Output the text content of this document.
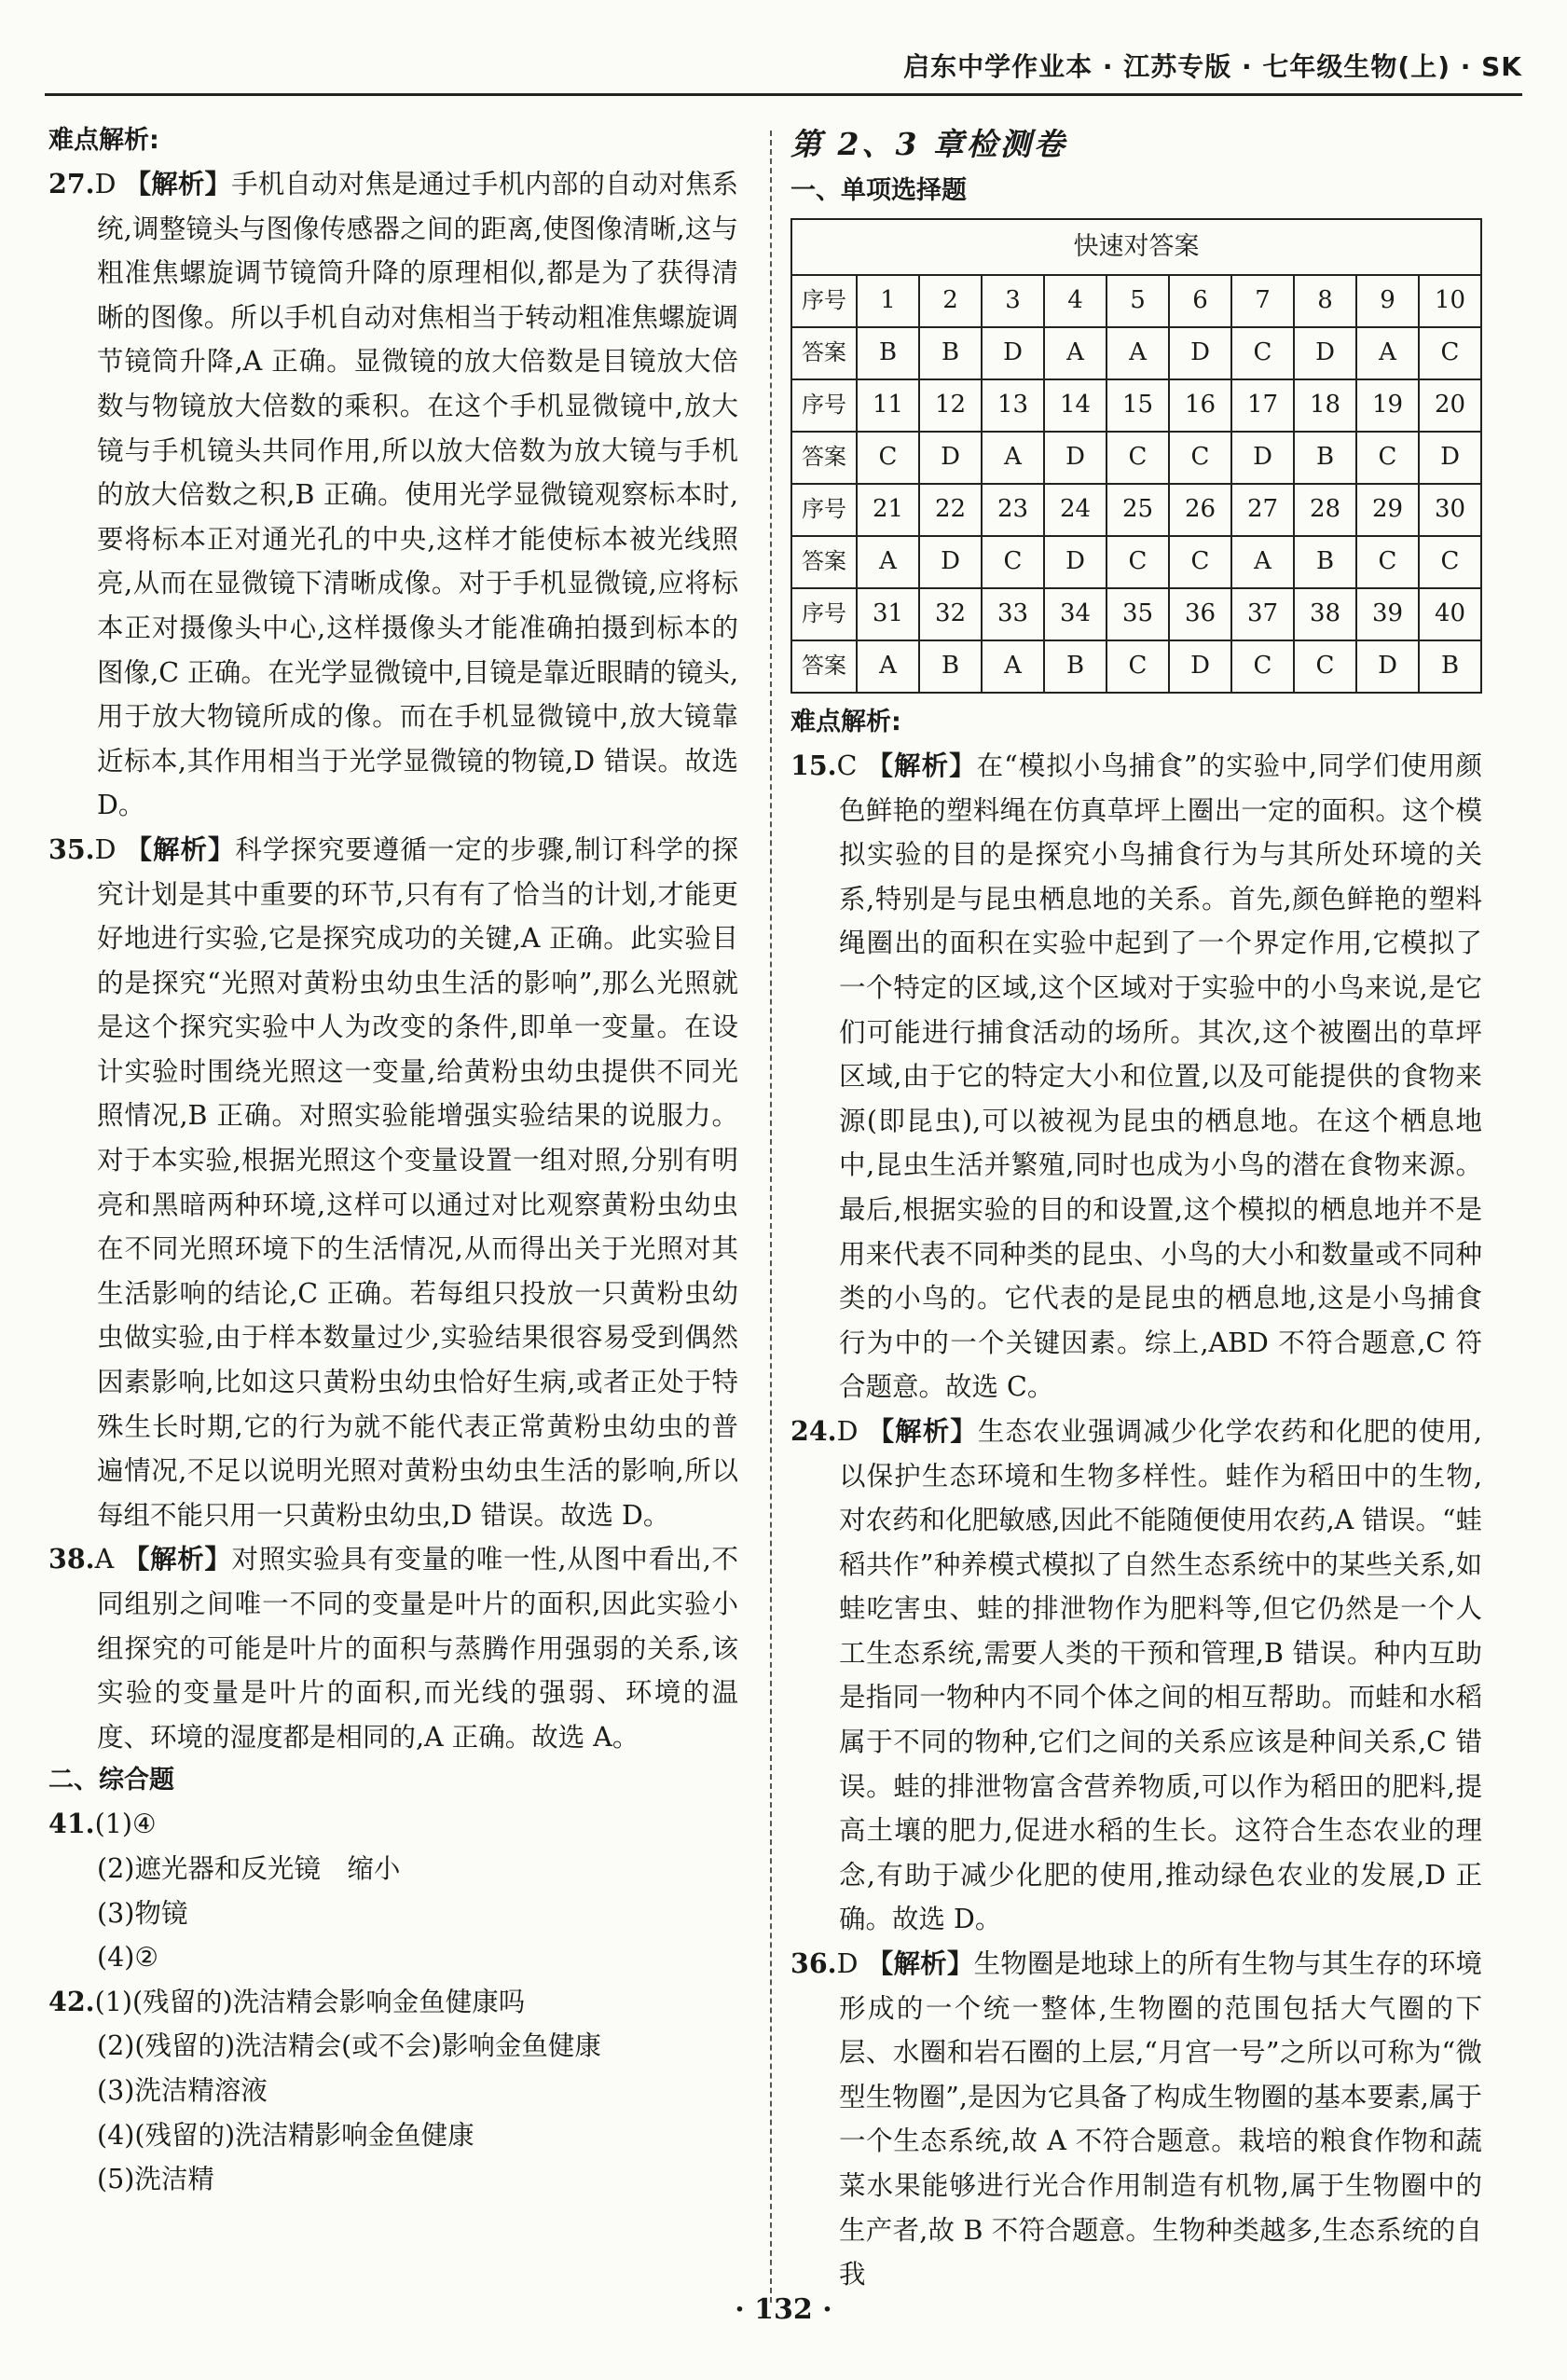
启东中学作业本 · 江苏专版 · 七年级生物(上) · SK
难点解析:
27.D 【解析】手机自动对焦是通过手机内部的自动对焦系统,调整镜头与图像传感器之间的距离,使图像清晰,这与粗准焦螺旋调节镜筒升降的原理相似,都是为了获得清晰的图像。所以手机自动对焦相当于转动粗准焦螺旋调节镜筒升降,A 正确。显微镜的放大倍数是目镜放大倍数与物镜放大倍数的乘积。在这个手机显微镜中,放大镜与手机镜头共同作用,所以放大倍数为放大镜与手机的放大倍数之积,B 正确。使用光学显微镜观察标本时,要将标本正对通光孔的中央,这样才能使标本被光线照亮,从而在显微镜下清晰成像。对于手机显微镜,应将标本正对摄像头中心,这样摄像头才能准确拍摄到标本的图像,C 正确。在光学显微镜中,目镜是靠近眼睛的镜头,用于放大物镜所成的像。而在手机显微镜中,放大镜靠近标本,其作用相当于光学显微镜的物镜,D 错误。故选 D。
35.D 【解析】科学探究要遵循一定的步骤,制订科学的探究计划是其中重要的环节,只有有了恰当的计划,才能更好地进行实验,它是探究成功的关键,A 正确。此实验目的是探究“光照对黄粉虫幼虫生活的影响”,那么光照就是这个探究实验中人为改变的条件,即单一变量。在设计实验时围绕光照这一变量,给黄粉虫幼虫提供不同光照情况,B 正确。对照实验能增强实验结果的说服力。对于本实验,根据光照这个变量设置一组对照,分别有明亮和黑暗两种环境,这样可以通过对比观察黄粉虫幼虫在不同光照环境下的生活情况,从而得出关于光照对其生活影响的结论,C 正确。若每组只投放一只黄粉虫幼虫做实验,由于样本数量过少,实验结果很容易受到偶然因素影响,比如这只黄粉虫幼虫恰好生病,或者正处于特殊生长时期,它的行为就不能代表正常黄粉虫幼虫的普遍情况,不足以说明光照对黄粉虫幼虫生活的影响,所以每组不能只用一只黄粉虫幼虫,D 错误。故选 D。
38.A 【解析】对照实验具有变量的唯一性,从图中看出,不同组别之间唯一不同的变量是叶片的面积,因此实验小组探究的可能是叶片的面积与蒸腾作用强弱的关系,该实验的变量是叶片的面积,而光线的强弱、环境的温度、环境的湿度都是相同的,A 正确。故选 A。
二、综合题
41.(1)④
(2)遮光器和反光镜　缩小
(3)物镜
(4)②
42.(1)(残留的)洗洁精会影响金鱼健康吗
(2)(残留的)洗洁精会(或不会)影响金鱼健康
(3)洗洁精溶液
(4)(残留的)洗洁精影响金鱼健康
(5)洗洁精
第 2、3 章检测卷
一、单项选择题
快速对答案										
序号	1	2	3	4	5	6	7	8	9	10
答案	B	B	D	A	A	D	C	D	A	C
序号	11	12	13	14	15	16	17	18	19	20
答案	C	D	A	D	C	C	D	B	C	D
序号	21	22	23	24	25	26	27	28	29	30
答案	A	D	C	D	C	C	A	B	C	C
序号	31	32	33	34	35	36	37	38	39	40
答案	A	B	A	B	C	D	C	C	D	B
难点解析:
15.C 【解析】在“模拟小鸟捕食”的实验中,同学们使用颜色鲜艳的塑料绳在仿真草坪上圈出一定的面积。这个模拟实验的目的是探究小鸟捕食行为与其所处环境的关系,特别是与昆虫栖息地的关系。首先,颜色鲜艳的塑料绳圈出的面积在实验中起到了一个界定作用,它模拟了一个特定的区域,这个区域对于实验中的小鸟来说,是它们可能进行捕食活动的场所。其次,这个被圈出的草坪区域,由于它的特定大小和位置,以及可能提供的食物来源(即昆虫),可以被视为昆虫的栖息地。在这个栖息地中,昆虫生活并繁殖,同时也成为小鸟的潜在食物来源。最后,根据实验的目的和设置,这个模拟的栖息地并不是用来代表不同种类的昆虫、小鸟的大小和数量或不同种类的小鸟的。它代表的是昆虫的栖息地,这是小鸟捕食行为中的一个关键因素。综上,ABD 不符合题意,C 符合题意。故选 C。
24.D 【解析】生态农业强调减少化学农药和化肥的使用,以保护生态环境和生物多样性。蛙作为稻田中的生物,对农药和化肥敏感,因此不能随便使用农药,A 错误。“蛙稻共作”种养模式模拟了自然生态系统中的某些关系,如蛙吃害虫、蛙的排泄物作为肥料等,但它仍然是一个人工生态系统,需要人类的干预和管理,B 错误。种内互助是指同一物种内不同个体之间的相互帮助。而蛙和水稻属于不同的物种,它们之间的关系应该是种间关系,C 错误。蛙的排泄物富含营养物质,可以作为稻田的肥料,提高土壤的肥力,促进水稻的生长。这符合生态农业的理念,有助于减少化肥的使用,推动绿色农业的发展,D 正确。故选 D。
36.D 【解析】生物圈是地球上的所有生物与其生存的环境形成的一个统一整体,生物圈的范围包括大气圈的下层、水圈和岩石圈的上层,“月宫一号”之所以可称为“微型生物圈”,是因为它具备了构成生物圈的基本要素,属于一个生态系统,故 A 不符合题意。栽培的粮食作物和蔬菜水果能够进行光合作用制造有机物,属于生物圈中的生产者,故 B 不符合题意。生物种类越多,生态系统的自我
· 132 ·
